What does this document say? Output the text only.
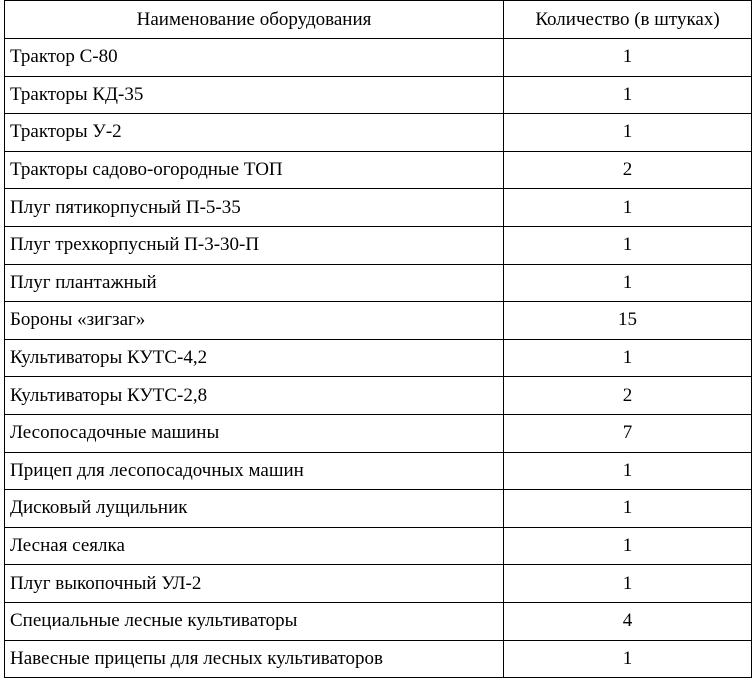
Наименование оборудования	Количество (в штуках)
Трактор С-80	1
Тракторы КД-35	1
Тракторы У-2	1
Тракторы садово-огородные ТОП	2
Плуг пятикорпусный П-5-35	1
Плуг трехкорпусный П-3-30-П	1
Плуг плантажный	1
Бороны «зигзаг»	15
Культиваторы КУТС-4,2	1
Культиваторы КУТС-2,8	2
Лесопосадочные машины	7
Прицеп для лесопосадочных машин	1
Дисковый лущильник	1
Лесная сеялка	1
Плуг выкопочный УЛ-2	1
Специальные лесные культиваторы	4
Навесные прицепы для лесных культиваторов	1
